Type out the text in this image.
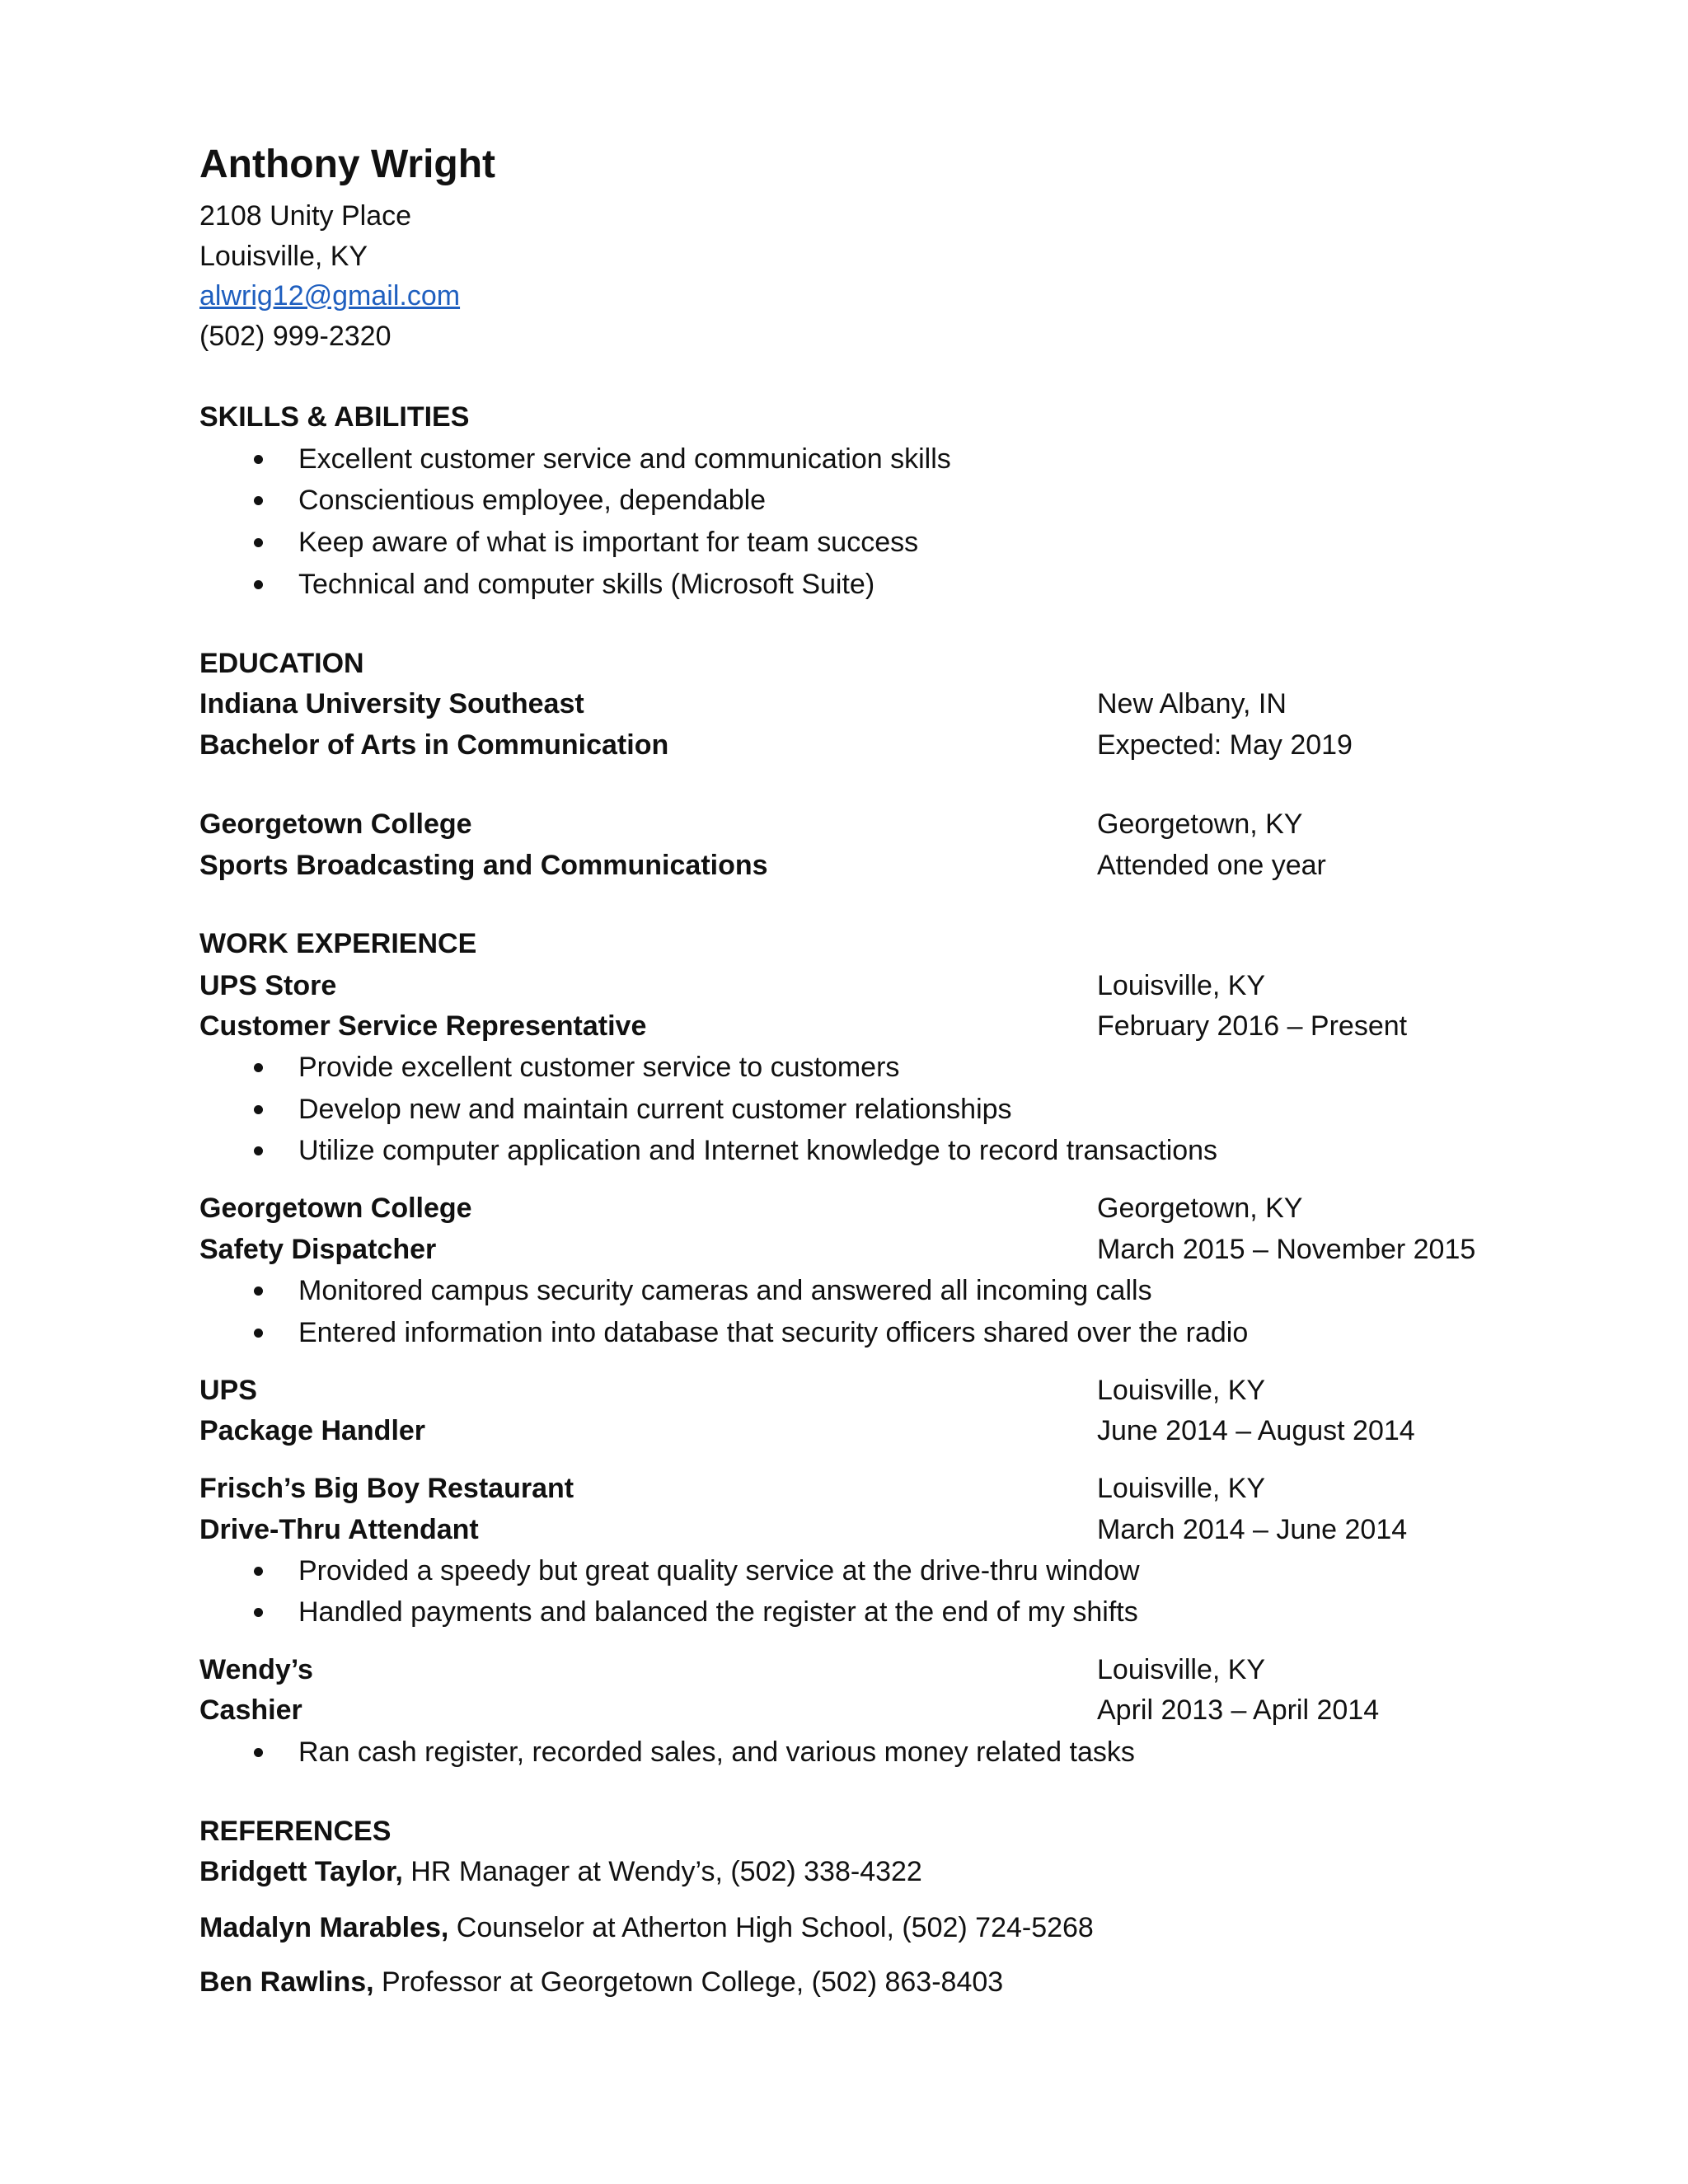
Anthony Wright
2108 Unity Place
Louisville, KY
alwrig12@gmail.com
(502) 999-2320
SKILLS & ABILITIES
Excellent customer service and communication skills
Conscientious employee, dependable
Keep aware of what is important for team success
Technical and computer skills (Microsoft Suite)
EDUCATION
Indiana University Southeast	New Albany, IN
Bachelor of Arts in Communication	Expected: May 2019
Georgetown College	Georgetown, KY
Sports Broadcasting and Communications	Attended one year
WORK EXPERIENCE
UPS Store	Louisville, KY
Customer Service Representative	February 2016 – Present
Provide excellent customer service to customers
Develop new and maintain current customer relationships
Utilize computer application and Internet knowledge to record transactions
Georgetown College	Georgetown, KY
Safety Dispatcher	March 2015 – November 2015
Monitored campus security cameras and answered all incoming calls
Entered information into database that security officers shared over the radio
UPS	Louisville, KY
Package Handler	June 2014 – August 2014
Frisch’s Big Boy Restaurant	Louisville, KY
Drive-Thru Attendant	March 2014 – June 2014
Provided a speedy but great quality service at the drive-thru window
Handled payments and balanced the register at the end of my shifts
Wendy’s	Louisville, KY
Cashier	April 2013 – April 2014
Ran cash register, recorded sales, and various money related tasks
REFERENCES
Bridgett Taylor, HR Manager at Wendy’s, (502) 338-4322
Madalyn Marables, Counselor at Atherton High School, (502) 724-5268
Ben Rawlins, Professor at Georgetown College, (502) 863-8403
